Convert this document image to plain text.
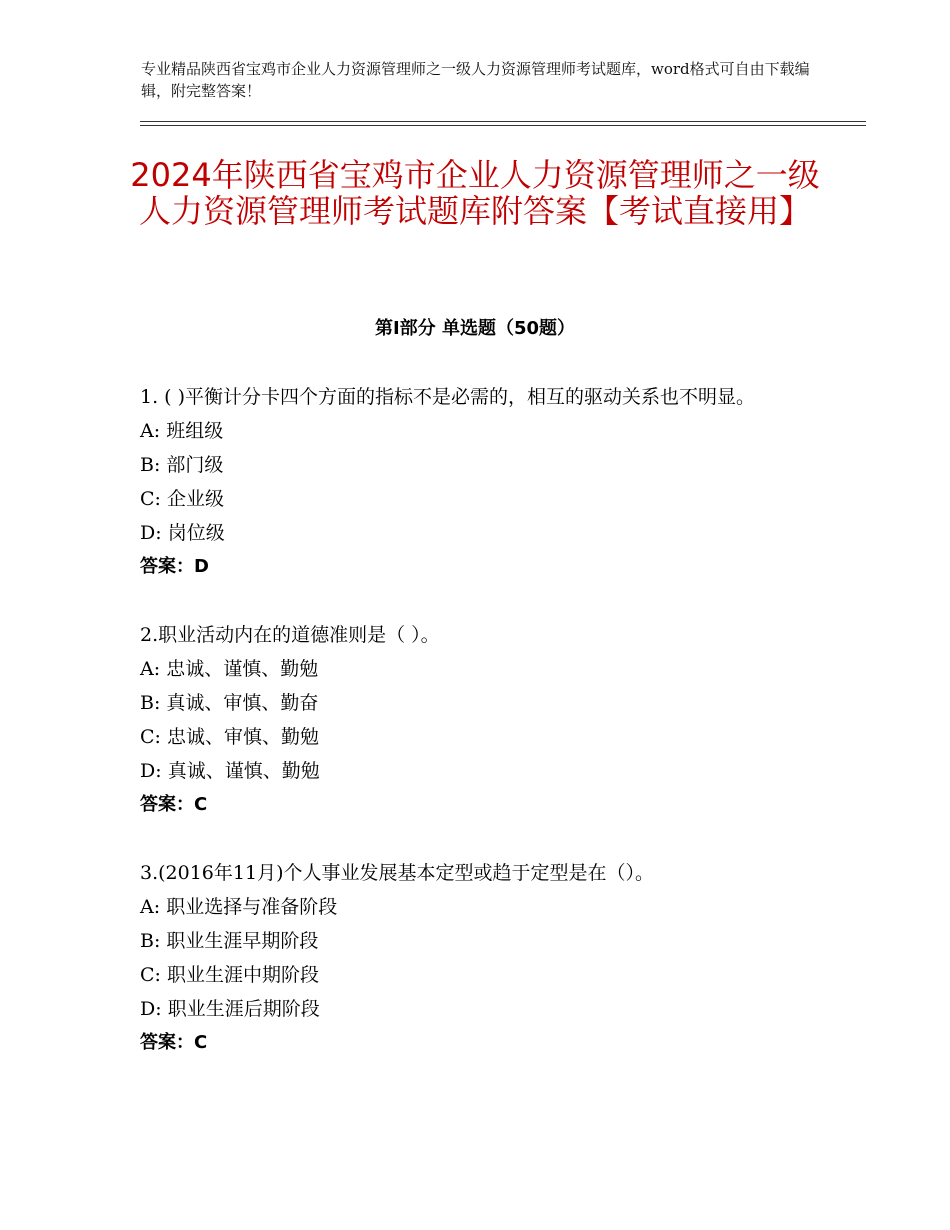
专业精品陕西省宝鸡市企业人力资源管理师之一级人力资源管理师考试题库，word格式可自由下载编辑，附完整答案！
2024年陕西省宝鸡市企业人力资源管理师之一级人力资源管理师考试题库附答案【考试直接用】
第Ⅰ部分 单选题（50题）

1. ( )平衡计分卡四个方面的指标不是必需的，相互的驱动关系也不明显。

A: 班组级

B: 部门级

C: 企业级

D: 岗位级

答案：D

2.职业活动内在的道德准则是（ ）。

A: 忠诚、谨慎、勤勉

B: 真诚、审慎、勤奋

C: 忠诚、审慎、勤勉

D: 真诚、谨慎、勤勉

答案：C

3.(2016年11月)个人事业发展基本定型或趋于定型是在（）。

A: 职业选择与准备阶段

B: 职业生涯早期阶段

C: 职业生涯中期阶段

D: 职业生涯后期阶段

答案：C
